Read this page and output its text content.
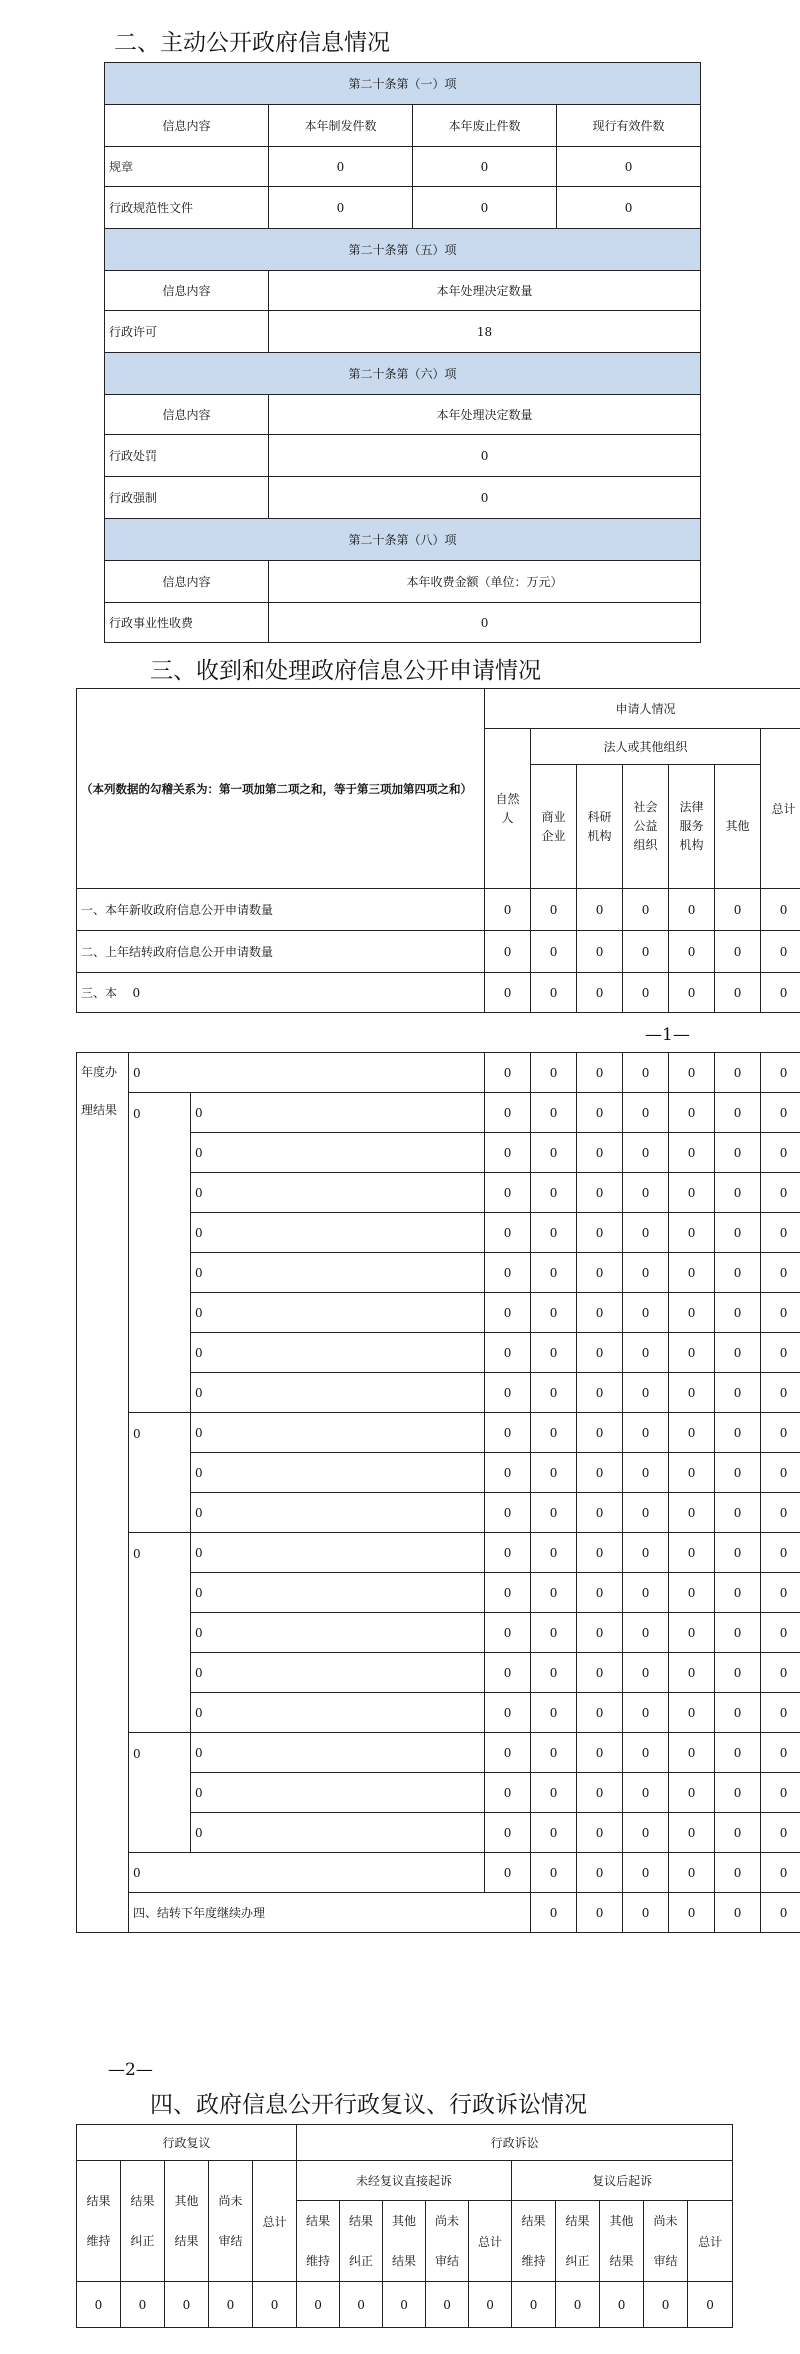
二、主动公开政府信息情况
第二十条第（一）项			
信息内容	本年制发件数	本年废止件数	现行有效件数
规章	0	0	0
行政规范性文件	0	0	0
第二十条第（五）项			
信息内容	本年处理决定数量		
行政许可	18		
第二十条第（六）项			
信息内容	本年处理决定数量		
行政处罚	0		
行政强制	0		
第二十条第（八）项			
信息内容	本年收费金额（单位：万元）		
行政事业性收费	0		
三、收到和处理政府信息公开申请情况
（本列数据的勾稽关系为：第一项加第二项之和，等于第三项加第四项之和）			申请人情况							
			自然人	法人或其他组织					总计	
				商业企业	科研机构	社会公益组织	法律服务机构	其他		
一、本年新收政府信息公开申请数量			0	0	0	0	0	0	0	
二、上年结转政府信息公开申请数量			0	0	0	0	0	0	0	
三、本	0		0	0	0	0	0	0	0	

年度办理结果	0		0	0	0	0	0	0	0	
	0	0	0	0	0	0	0	0	0	
		0	0	0	0	0	0	0	0	
		0	0	0	0	0	0	0	0	
		0	0	0	0	0	0	0	0	
		0	0	0	0	0	0	0	0	
		0	0	0	0	0	0	0	0	
		0	0	0	0	0	0	0	0	
		0	0	0	0	0	0	0	0	
	0	0	0	0	0	0	0	0	0	
		0	0	0	0	0	0	0	0	
		0	0	0	0	0	0	0	0	
	0	0	0	0	0	0	0	0	0	
		0	0	0	0	0	0	0	0	
		0	0	0	0	0	0	0	0	
		0	0	0	0	0	0	0	0	
		0	0	0	0	0	0	0	0	
	0	0	0	0	0	0	0	0	0	
		0	0	0	0	0	0	0	0	
		0	0	0	0	0	0	0	0	
	0		0	0	0	0	0	0	0	
	四、结转下年度继续办理			0	0	0	0	0	0	
—1—
—2—
四、政府信息公开行政复议、行政诉讼情况
行政复议					行政诉讼									
结果维持	结果纠正	其他结果	尚未审结	总计	未经复议直接起诉					复议后起诉				
					结果维持	结果纠正	其他结果	尚未审结	总计	结果维持	结果纠正	其他结果	尚未审结	总计
0	0	0	0	0	0	0	0	0	0	0	0	0	0	0
